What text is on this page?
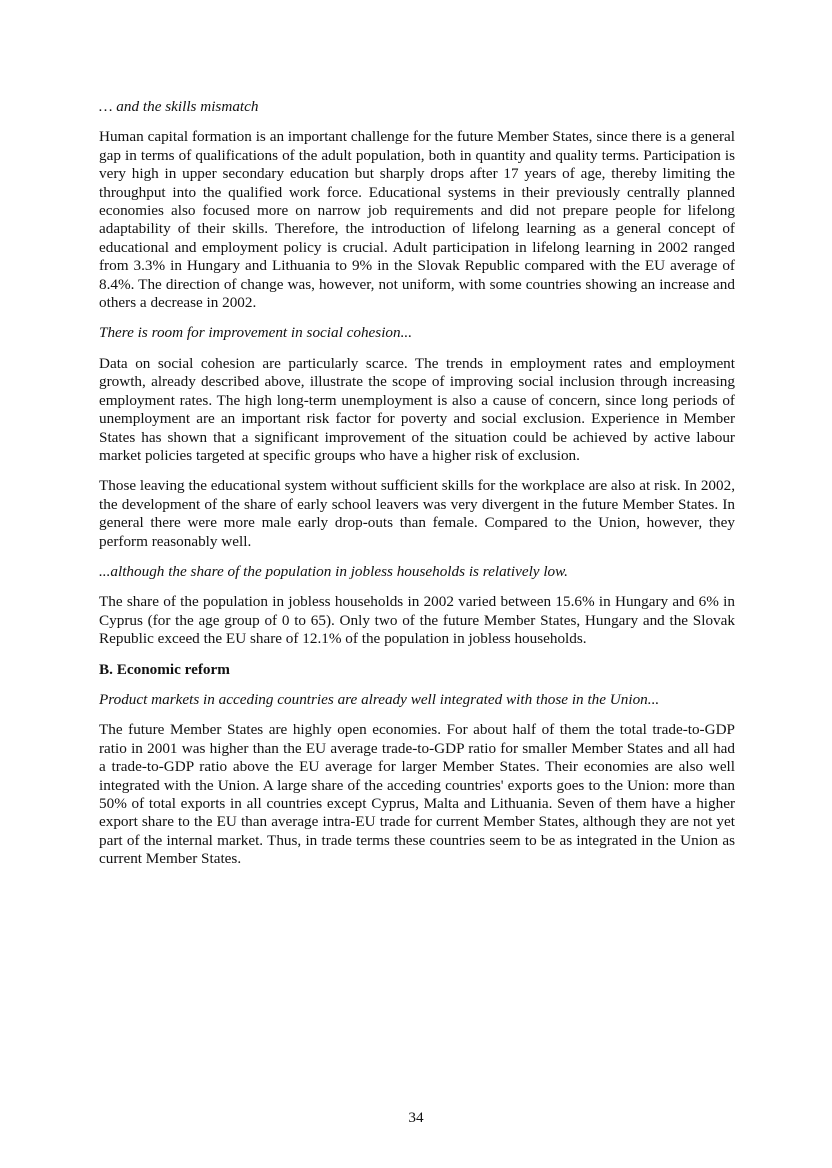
… and the skills mismatch

Human capital formation is an important challenge for the future Member States, since there is a general gap in terms of qualifications of the adult population, both in quantity and quality terms. Participation is very high in upper secondary education but sharply drops after 17 years of age, thereby limiting the throughput into the qualified work force. Educational systems in their previously centrally planned economies also focused more on narrow job requirements and did not prepare people for lifelong adaptability of their skills. Therefore, the introduction of lifelong learning as a general concept of educational and employment policy is crucial. Adult participation in lifelong learning in 2002 ranged from 3.3% in Hungary and Lithuania to 9% in the Slovak Republic compared with the EU average of 8.4%. The direction of change was, however, not uniform, with some countries showing an increase and others a decrease in 2002.

There is room for improvement in social cohesion...

Data on social cohesion are particularly scarce. The trends in employment rates and employment growth, already described above, illustrate the scope of improving social inclusion through increasing employment rates. The high long-term unemployment is also a cause of concern, since long periods of unemployment are an important risk factor for poverty and social exclusion. Experience in Member States has shown that a significant improvement of the situation could be achieved by active labour market policies targeted at specific groups who have a higher risk of exclusion.

Those leaving the educational system without sufficient skills for the workplace are also at risk. In 2002, the development of the share of early school leavers was very divergent in the future Member States. In general there were more male early drop-outs than female. Compared to the Union, however, they perform reasonably well.

...although the share of the population in jobless households is relatively low.

The share of the population in jobless households in 2002 varied between 15.6% in Hungary and 6% in Cyprus (for the age group of 0 to 65). Only two of the future Member States, Hungary and the Slovak Republic exceed the EU share of 12.1% of the population in jobless households.

B. Economic reform

Product markets in acceding countries are already well integrated with those in the Union...

The future Member States are highly open economies. For about half of them the total trade-to-GDP ratio in 2001 was higher than the EU average trade-to-GDP ratio for smaller Member States and all had a trade-to-GDP ratio above the EU average for larger Member States. Their economies are also well integrated with the Union. A large share of the acceding countries' exports goes to the Union: more than 50% of total exports in all countries except Cyprus, Malta and Lithuania. Seven of them have a higher export share to the EU than average intra-EU trade for current Member States, although they are not yet part of the internal market. Thus, in trade terms these countries seem to be as integrated in the Union as current Member States.

34
